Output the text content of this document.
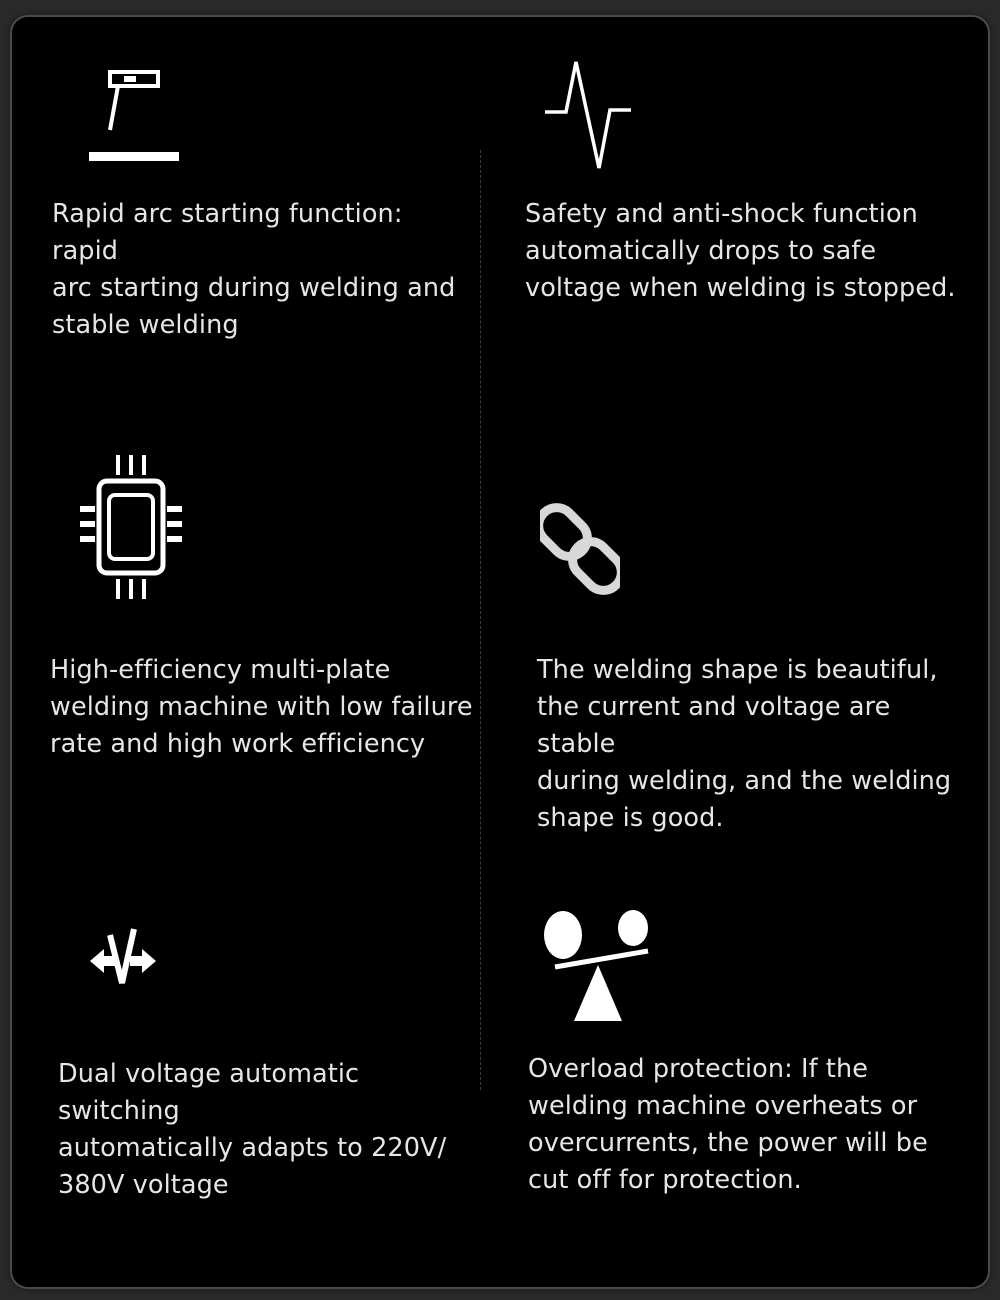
Rapid arc starting function: rapid
arc starting during welding and
stable welding
Safety and anti-shock function
automatically drops to safe
voltage when welding is stopped.
High-efficiency multi-plate
welding machine with low failure
rate and high work efficiency
The welding shape is beautiful,
the current and voltage are stable
during welding, and the welding
shape is good.
Dual voltage automatic switching
automatically adapts to 220V/
380V voltage
Overload protection: If the
welding machine overheats or
overcurrents, the power will be
cut off for protection.
